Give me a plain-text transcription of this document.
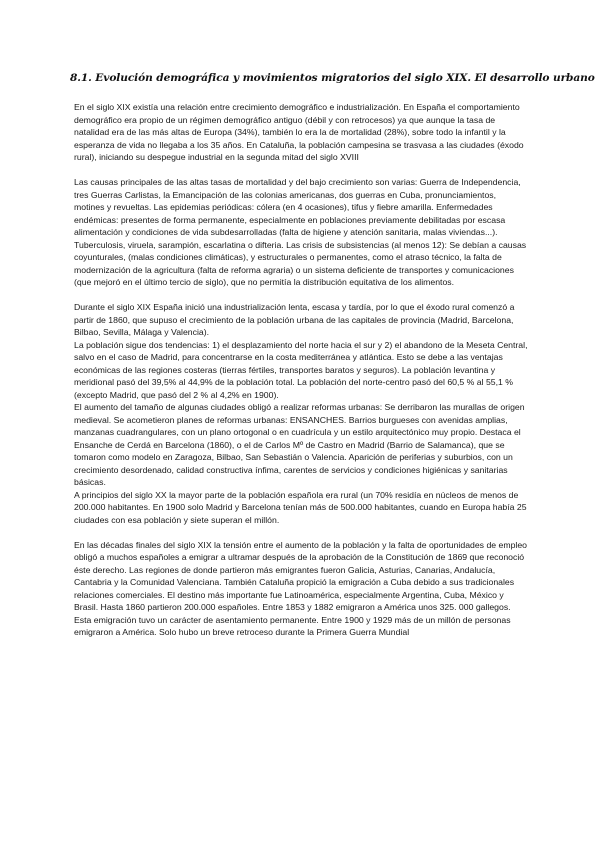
8.1. Evolución demográfica y movimientos migratorios del siglo XIX. El desarrollo urbano

En el siglo XIX existía una relación entre crecimiento demográfico e industrialización. En España el comportamiento demográfico era propio de un régimen demográfico antiguo (débil y con retrocesos) ya que aunque la tasa de natalidad era de las más altas de Europa (34%), también lo era la de mortalidad (28%), sobre todo la infantil y la esperanza de vida no llegaba a los 35 años. En Cataluña, la población campesina se trasvasa a las ciudades (éxodo rural), iniciando su despegue industrial en la segunda mitad del siglo XVIII

Las causas principales de las altas tasas de mortalidad y del bajo crecimiento son varias: Guerra de Independencia, tres Guerras Carlistas, la Emancipación de las colonias americanas, dos guerras en Cuba, pronunciamientos, motines y revueltas. Las epidemias periódicas: cólera (en 4 ocasiones), tifus y fiebre amarilla. Enfermedades endémicas: presentes de forma permanente, especialmente en poblaciones previamente debilitadas por escasa alimentación y condiciones de vida subdesarrolladas (falta de higiene y atención sanitaria, malas viviendas...). Tuberculosis, viruela, sarampión, escarlatina o difteria. Las crisis de subsistencias (al menos 12): Se debían a causas coyunturales, (malas condiciones climáticas), y estructurales o permanentes, como el atraso técnico, la falta de modernización de la agricultura (falta de reforma agraria) o un sistema deficiente de transportes y comunicaciones (que mejoró en el último tercio de siglo), que no permitía la distribución equitativa de los alimentos.

Durante el siglo XIX España inició una industrialización lenta, escasa y tardía, por lo que el éxodo rural comenzó a partir de 1860, que supuso el crecimiento de la población urbana de las capitales de provincia (Madrid, Barcelona, Bilbao, Sevilla, Málaga y Valencia).

La población sigue dos tendencias: 1) el desplazamiento del norte hacia el sur y 2) el abandono de la Meseta Central, salvo en el caso de Madrid, para concentrarse en la costa mediterránea y atlántica. Esto se debe a las ventajas económicas de las regiones costeras (tierras fértiles, transportes baratos y seguros). La población levantina y meridional pasó del 39,5% al 44,9% de la población total. La población del norte-centro pasó del 60,5 % al 55,1 % (excepto Madrid, que pasó del 2 % al 4,2% en 1900).

El aumento del tamaño de algunas ciudades obligó a realizar reformas urbanas: Se derribaron las murallas de origen medieval. Se acometieron planes de reformas urbanas: ENSANCHES. Barrios burgueses con avenidas amplias, manzanas cuadrangulares, con un plano ortogonal o en cuadrícula y un estilo arquitectónico muy propio. Destaca el Ensanche de Cerdá en Barcelona (1860), o el de Carlos Mº de Castro en Madrid (Barrio de Salamanca), que se tomaron como modelo en Zaragoza, Bilbao, San Sebastián o Valencia. Aparición de periferias y suburbios, con un crecimiento desordenado, calidad constructiva ínfima, carentes de servicios y condiciones higiénicas y sanitarias básicas.

A principios del siglo XX la mayor parte de la población española era rural (un 70% residía en núcleos de menos de 200.000 habitantes. En 1900 solo Madrid y Barcelona tenían más de 500.000 habitantes, cuando en Europa había 25 ciudades con esa población y siete superan el millón.

En las décadas finales del siglo XIX la tensión entre el aumento de la población y la falta de oportunidades de empleo obligó a muchos españoles a emigrar a ultramar después de la aprobación de la Constitución de 1869 que reconoció éste derecho. Las regiones de donde partieron más emigrantes fueron Galicia, Asturias, Canarias, Andalucía, Cantabria y la Comunidad Valenciana. También Cataluña propició la emigración a Cuba debido a sus tradicionales relaciones comerciales. El destino más importante fue Latinoamérica, especialmente Argentina, Cuba, México y Brasil. Hasta 1860 partieron 200.000 españoles. Entre 1853 y 1882 emigraron a América unos 325. 000 gallegos. Esta emigración tuvo un carácter de asentamiento permanente. Entre 1900 y 1929 más de un millón de personas emigraron a América. Solo hubo un breve retroceso durante la Primera Guerra Mundial
